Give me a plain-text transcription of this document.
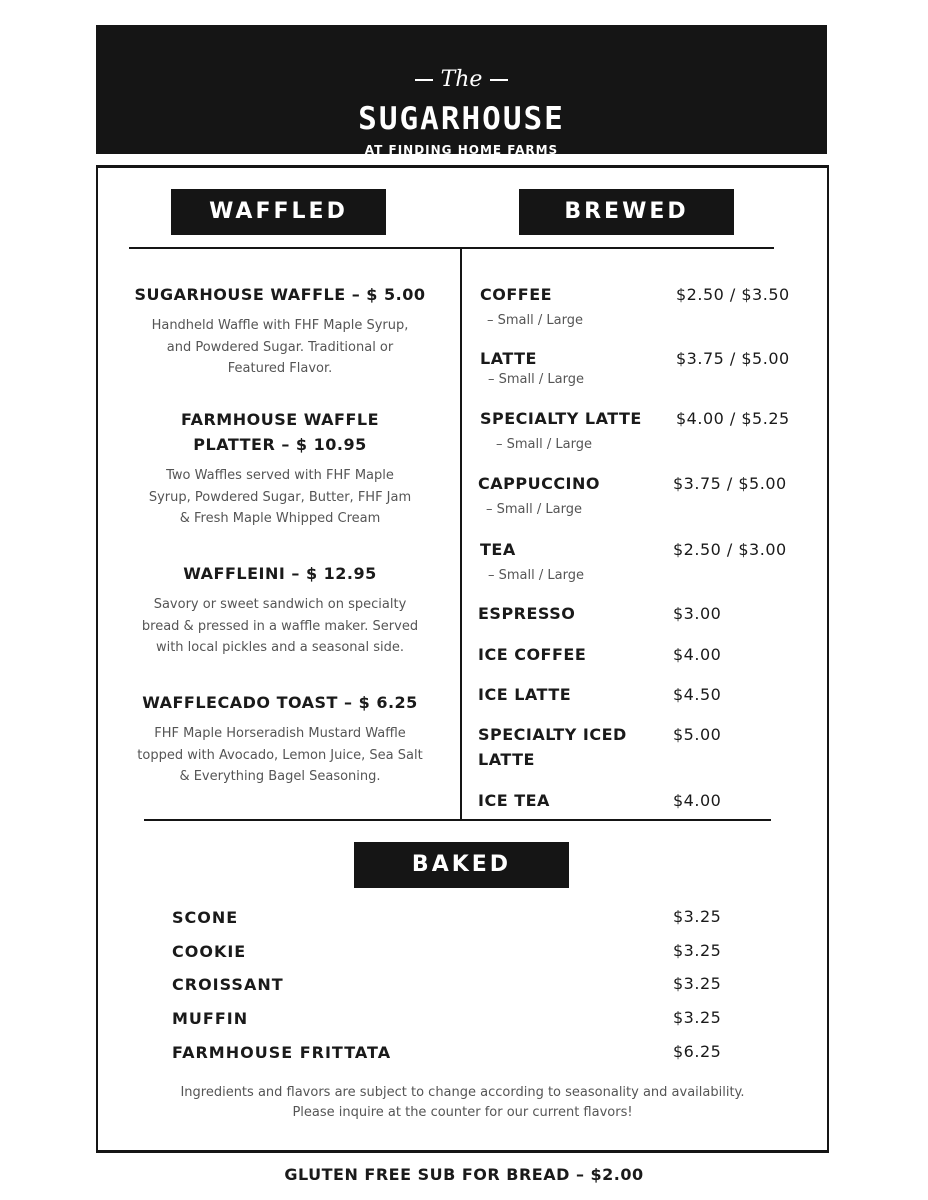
The
SUGARHOUSE
AT FINDING HOME FARMS
WAFFLED	BREWED
SUGARHOUSE WAFFLE – $ 5.00
Handheld Waffle with FHF Maple Syrup,
and Powdered Sugar. Traditional or
Featured Flavor.
FARMHOUSE WAFFLE
PLATTER – $ 10.95
Two Waffles served with FHF Maple
Syrup, Powdered Sugar, Butter, FHF Jam
& Fresh Maple Whipped Cream
WAFFLEINI – $ 12.95
Savory or sweet sandwich on specialty
bread & pressed in a waffle maker. Served
with local pickles and a seasonal side.
WAFFLECADO TOAST – $ 6.25
FHF Maple Horseradish Mustard Waffle
topped with Avocado, Lemon Juice, Sea Salt
& Everything Bagel Seasoning.
COFFEE	$2.50 / $3.50
– Small / Large
LATTE	$3.75 / $5.00
– Small / Large
SPECIALTY LATTE $4.00 / $5.25
– Small / Large
CAPPUCCINO	$3.75 / $5.00
– Small / Large
TEA	$2.50 / $3.00
– Small / Large
ESPRESSO	$3.00
ICE COFFEE	$4.00
ICE LATTE	$4.50
SPECIALTY ICED
LATTE
$5.00
ICE TEA	$4.00
BAKED
SCONE	$3.25
COOKIE	$3.25
CROISSANT	$3.25
MUFFIN	$3.25
FARMHOUSE FRITTATA	$6.25
Ingredients and flavors are subject to change according to seasonality and availability.
Please inquire at the counter for our current flavors!
GLUTEN FREE SUB FOR BREAD – $2.00
